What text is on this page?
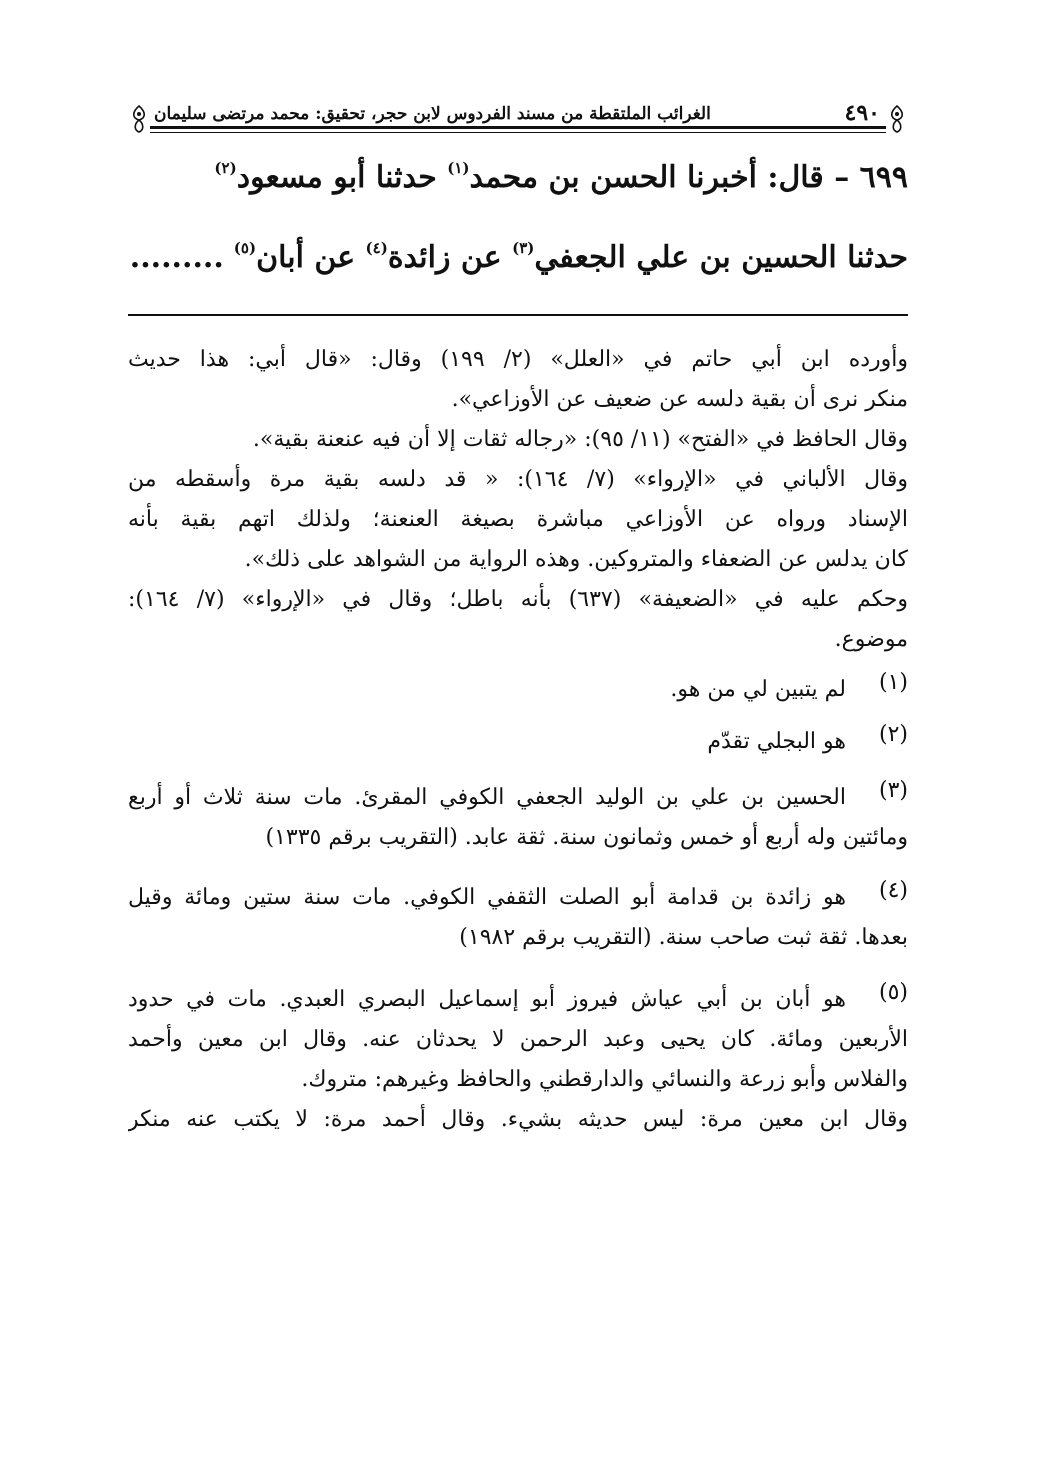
٤٩٠
الغرائب الملتقطة من مسند الفردوس لابن حجر، تحقيق: محمد مرتضى سليمان
٦٩٩ – قال: أخبرنا الحسن بن محمد$^{(١)}$ حدثنا أبو مسعود$^{(٢)}$
حدثنا الحسين بن علي الجعفي$^{(٣)}$ عن زائدة$^{(٤)}$ عن أبان$^{(٥)}$.........
وأورده ابن أبي حاتم في «العلل» (٢/ ١٩٩) وقال: «قال أبي: هذا حديث
منكر نرى أن بقية دلسه عن ضعيف عن الأوزاعي».
وقال الحافظ في «الفتح» (١١/ ٩٥): «رجاله ثقات إلا أن فيه عنعنة بقية».
وقال الألباني في «الإرواء» (٧/ ١٦٤): « قد دلسه بقية مرة وأسقطه من
الإسناد ورواه عن الأوزاعي مباشرة بصيغة العنعنة؛ ولذلك اتهم بقية بأنه
كان يدلس عن الضعفاء والمتروكين. وهذه الرواية من الشواهد على ذلك».
وحكم عليه في «الضعيفة» (٦٣٧) بأنه باطل؛ وقال في «الإرواء» (٧/ ١٦٤):
موضوع.
(١)
لم يتبين لي من هو.
(٢)
هو البجلي تقدّم
(٣)
الحسين بن علي بن الوليد الجعفي الكوفي المقرئ. مات سنة ثلاث أو أربع
ومائتين وله أربع أو خمس وثمانون سنة. ثقة عابد. (التقريب برقم ١٣٣٥)
(٤)
هو زائدة بن قدامة أبو الصلت الثقفي الكوفي. مات سنة ستين ومائة وقيل
بعدها. ثقة ثبت صاحب سنة. (التقريب برقم ١٩٨٢)
(٥)
هو أبان بن أبي عياش فيروز أبو إسماعيل البصري العبدي. مات في حدود
الأربعين ومائة. كان يحيى وعبد الرحمن لا يحدثان عنه. وقال ابن معين وأحمد
والفلاس وأبو زرعة والنسائي والدارقطني والحافظ وغيرهم: متروك.
وقال ابن معين مرة: ليس حديثه بشيء. وقال أحمد مرة: لا يكتب عنه منكر
